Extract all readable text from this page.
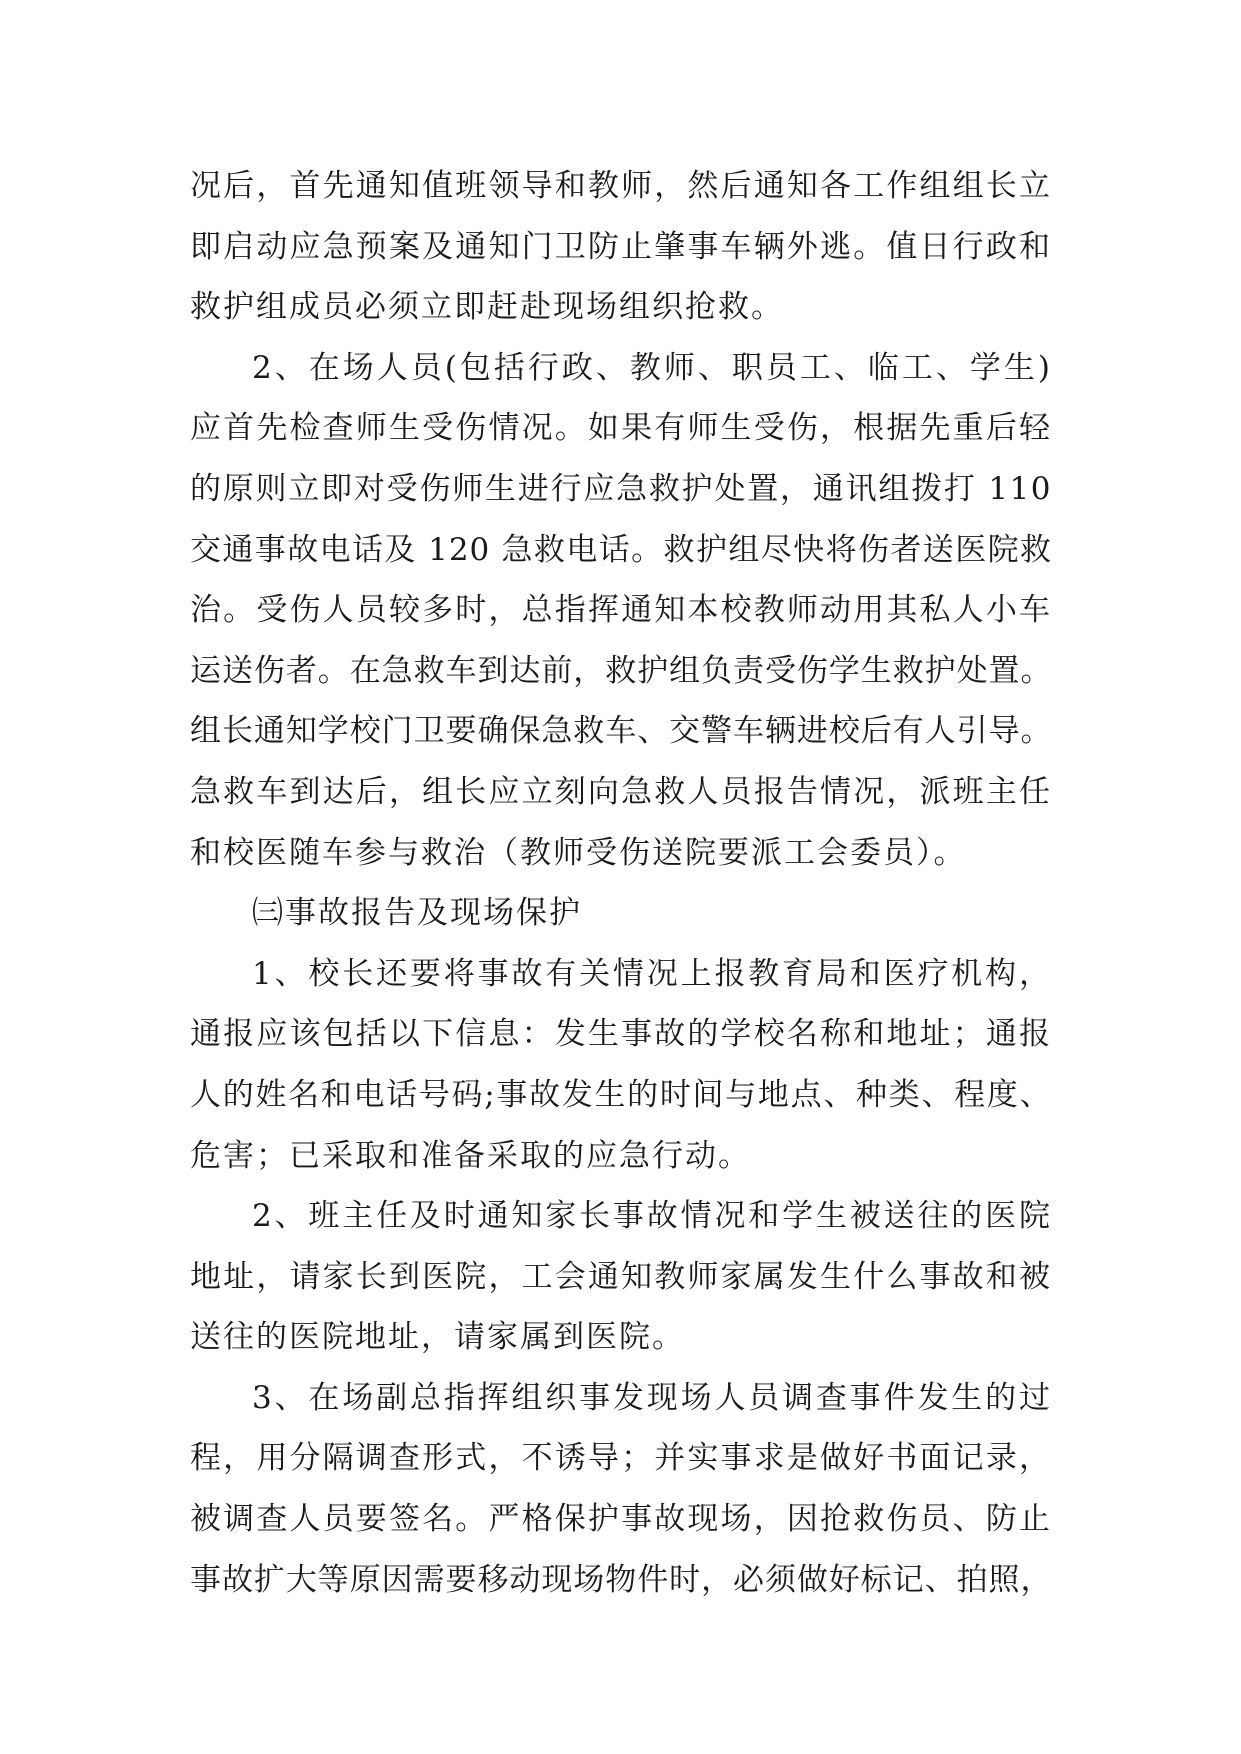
况后，首先通知值班领导和教师，然后通知各工作组组长立
即启动应急预案及通知门卫防止肇事车辆外逃。值日行政和
救护组成员必须立即赶赴现场组织抢救。
2、在场人员(包括行政、教师、职员工、临工、学生)
应首先检查师生受伤情况。如果有师生受伤，根据先重后轻
的原则立即对受伤师生进行应急救护处置，通讯组拨打 110
交通事故电话及 120 急救电话。救护组尽快将伤者送医院救
治。受伤人员较多时，总指挥通知本校教师动用其私人小车
运送伤者。在急救车到达前，救护组负责受伤学生救护处置。
组长通知学校门卫要确保急救车、交警车辆进校后有人引导。
急救车到达后，组长应立刻向急救人员报告情况，派班主任
和校医随车参与救治（教师受伤送院要派工会委员）。
㈢事故报告及现场保护
1、校长还要将事故有关情况上报教育局和医疗机构，
通报应该包括以下信息：发生事故的学校名称和地址；通报
人的姓名和电话号码;事故发生的时间与地点、种类、程度、
危害；已采取和准备采取的应急行动。
2、班主任及时通知家长事故情况和学生被送往的医院
地址，请家长到医院，工会通知教师家属发生什么事故和被
送往的医院地址，请家属到医院。
3、在场副总指挥组织事发现场人员调查事件发生的过
程，用分隔调查形式，不诱导；并实事求是做好书面记录，
被调查人员要签名。严格保护事故现场，因抢救伤员、防止
事故扩大等原因需要移动现场物件时，必须做好标记、拍照，
